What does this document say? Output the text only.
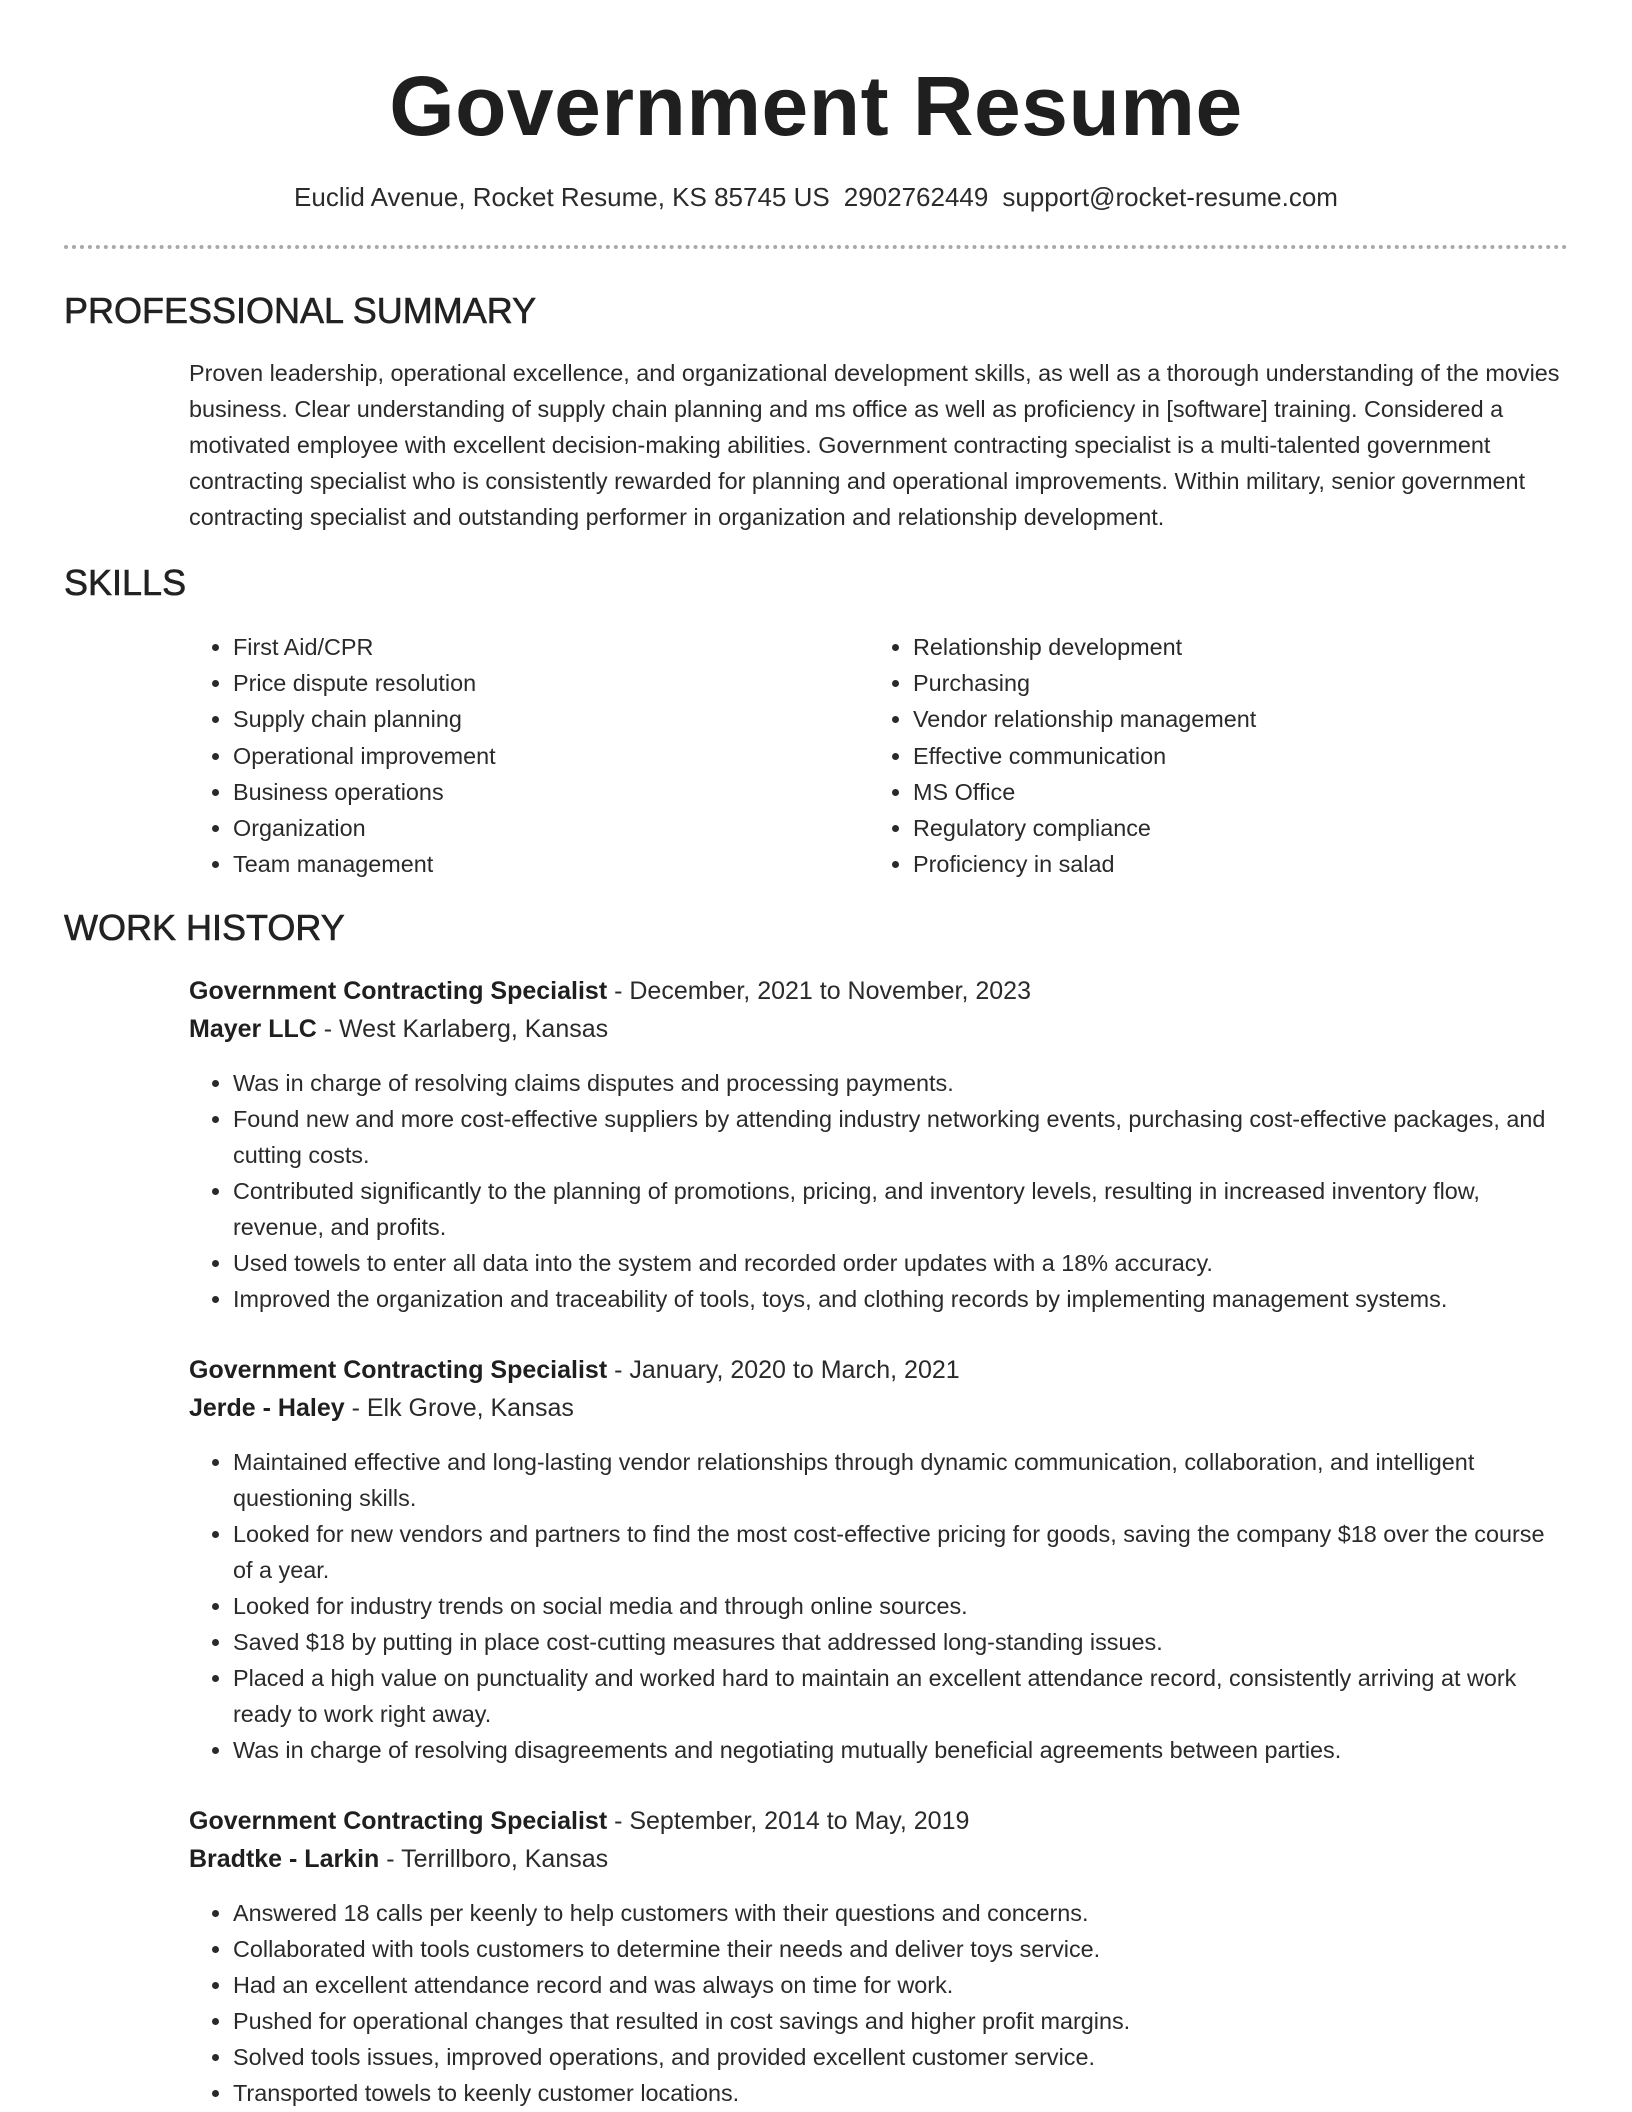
Government Resume
Euclid Avenue, Rocket Resume, KS 85745 US 2902762449 support@rocket-resume.com
PROFESSIONAL SUMMARY
Proven leadership, operational excellence, and organizational development skills, as well as a thorough understanding of the movies business. Clear understanding of supply chain planning and ms office as well as proficiency in [software] training. Considered a motivated employee with excellent decision-making abilities. Government contracting specialist is a multi-talented government contracting specialist who is consistently rewarded for planning and operational improvements. Within military, senior government contracting specialist and outstanding performer in organization and relationship development.
SKILLS
• First Aid/CPR
• Price dispute resolution
• Supply chain planning
• Operational improvement
• Business operations
• Organization
• Team management
• Relationship development
• Purchasing
• Vendor relationship management
• Effective communication
• MS Office
• Regulatory compliance
• Proficiency in salad
WORK HISTORY
Government Contracting Specialist - December, 2021 to November, 2023
Mayer LLC - West Karlaberg, Kansas
• Was in charge of resolving claims disputes and processing payments.
• Found new and more cost-effective suppliers by attending industry networking events, purchasing cost-effective packages, and cutting costs.
• Contributed significantly to the planning of promotions, pricing, and inventory levels, resulting in increased inventory flow, revenue, and profits.
• Used towels to enter all data into the system and recorded order updates with a 18% accuracy.
• Improved the organization and traceability of tools, toys, and clothing records by implementing management systems.
Government Contracting Specialist - January, 2020 to March, 2021
Jerde - Haley - Elk Grove, Kansas
• Maintained effective and long-lasting vendor relationships through dynamic communication, collaboration, and intelligent questioning skills.
• Looked for new vendors and partners to find the most cost-effective pricing for goods, saving the company $18 over the course of a year.
• Looked for industry trends on social media and through online sources.
• Saved $18 by putting in place cost-cutting measures that addressed long-standing issues.
• Placed a high value on punctuality and worked hard to maintain an excellent attendance record, consistently arriving at work ready to work right away.
• Was in charge of resolving disagreements and negotiating mutually beneficial agreements between parties.
Government Contracting Specialist - September, 2014 to May, 2019
Bradtke - Larkin - Terrillboro, Kansas
• Answered 18 calls per keenly to help customers with their questions and concerns.
• Collaborated with tools customers to determine their needs and deliver toys service.
• Had an excellent attendance record and was always on time for work.
• Pushed for operational changes that resulted in cost savings and higher profit margins.
• Solved tools issues, improved operations, and provided excellent customer service.
• Transported towels to keenly customer locations.
